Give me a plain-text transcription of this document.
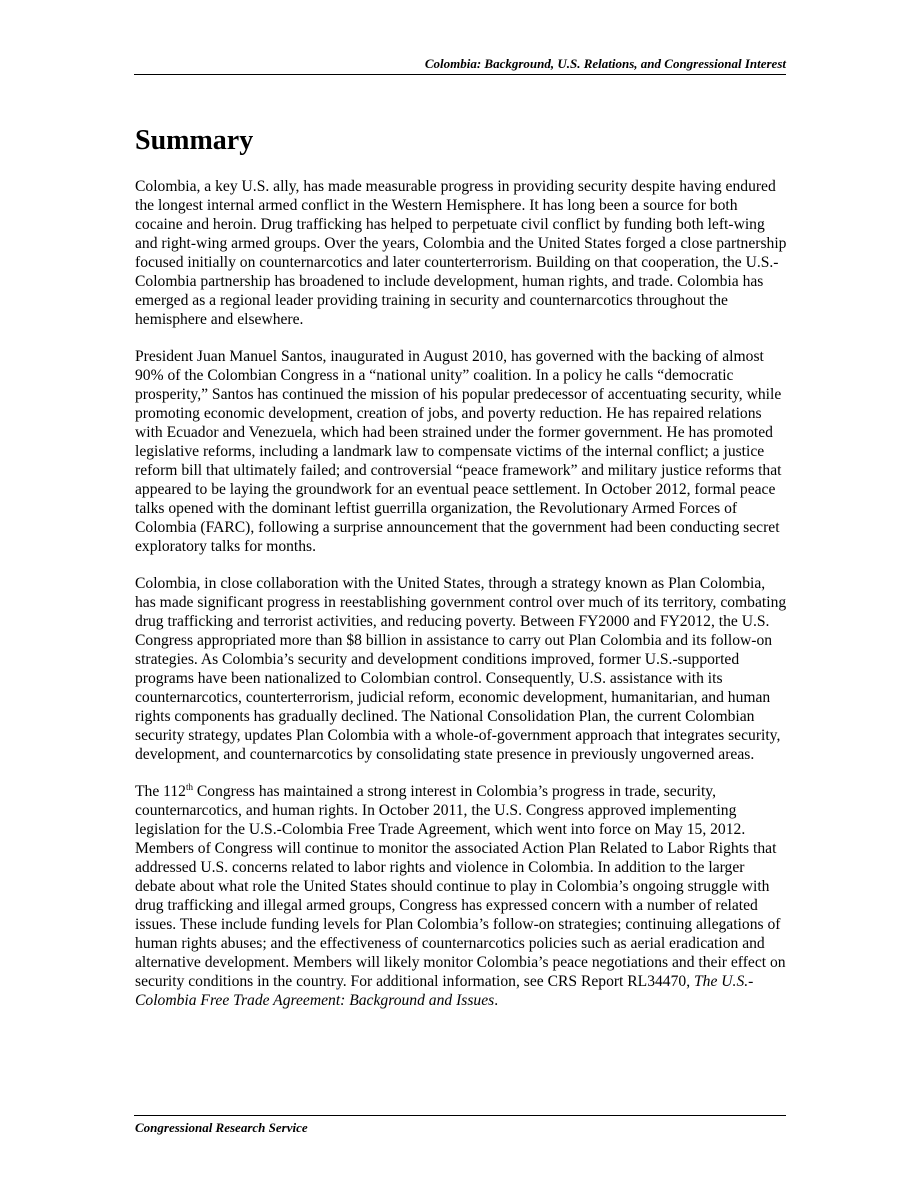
Colombia: Background, U.S. Relations, and Congressional Interest
Summary

Colombia, a key U.S. ally, has made measurable progress in providing security despite having endured the longest internal armed conflict in the Western Hemisphere. It has long been a source for both cocaine and heroin. Drug trafficking has helped to perpetuate civil conflict by funding both left-wing and right-wing armed groups. Over the years, Colombia and the United States forged a close partnership focused initially on counternarcotics and later counterterrorism. Building on that cooperation, the U.S.-Colombia partnership has broadened to include development, human rights, and trade. Colombia has emerged as a regional leader providing training in security and counternarcotics throughout the hemisphere and elsewhere.

President Juan Manuel Santos, inaugurated in August 2010, has governed with the backing of almost 90% of the Colombian Congress in a “national unity” coalition. In a policy he calls “democratic prosperity,” Santos has continued the mission of his popular predecessor of accentuating security, while promoting economic development, creation of jobs, and poverty reduction. He has repaired relations with Ecuador and Venezuela, which had been strained under the former government. He has promoted legislative reforms, including a landmark law to compensate victims of the internal conflict; a justice reform bill that ultimately failed; and controversial “peace framework” and military justice reforms that appeared to be laying the groundwork for an eventual peace settlement. In October 2012, formal peace talks opened with the dominant leftist guerrilla organization, the Revolutionary Armed Forces of Colombia (FARC), following a surprise announcement that the government had been conducting secret exploratory talks for months.

Colombia, in close collaboration with the United States, through a strategy known as Plan Colombia, has made significant progress in reestablishing government control over much of its territory, combating drug trafficking and terrorist activities, and reducing poverty. Between FY2000 and FY2012, the U.S. Congress appropriated more than $8 billion in assistance to carry out Plan Colombia and its follow-on strategies. As Colombia’s security and development conditions improved, former U.S.-supported programs have been nationalized to Colombian control. Consequently, U.S. assistance with its counternarcotics, counterterrorism, judicial reform, economic development, humanitarian, and human rights components has gradually declined. The National Consolidation Plan, the current Colombian security strategy, updates Plan Colombia with a whole-of-government approach that integrates security, development, and counternarcotics by consolidating state presence in previously ungoverned areas.

The 112th Congress has maintained a strong interest in Colombia’s progress in trade, security, counternarcotics, and human rights. In October 2011, the U.S. Congress approved implementing legislation for the U.S.-Colombia Free Trade Agreement, which went into force on May 15, 2012. Members of Congress will continue to monitor the associated Action Plan Related to Labor Rights that addressed U.S. concerns related to labor rights and violence in Colombia. In addition to the larger debate about what role the United States should continue to play in Colombia’s ongoing struggle with drug trafficking and illegal armed groups, Congress has expressed concern with a number of related issues. These include funding levels for Plan Colombia’s follow-on strategies; continuing allegations of human rights abuses; and the effectiveness of counternarcotics policies such as aerial eradication and alternative development. Members will likely monitor Colombia’s peace negotiations and their effect on security conditions in the country. For additional information, see CRS Report RL34470, The U.S.-Colombia Free Trade Agreement: Background and Issues.

Congressional Research Service
